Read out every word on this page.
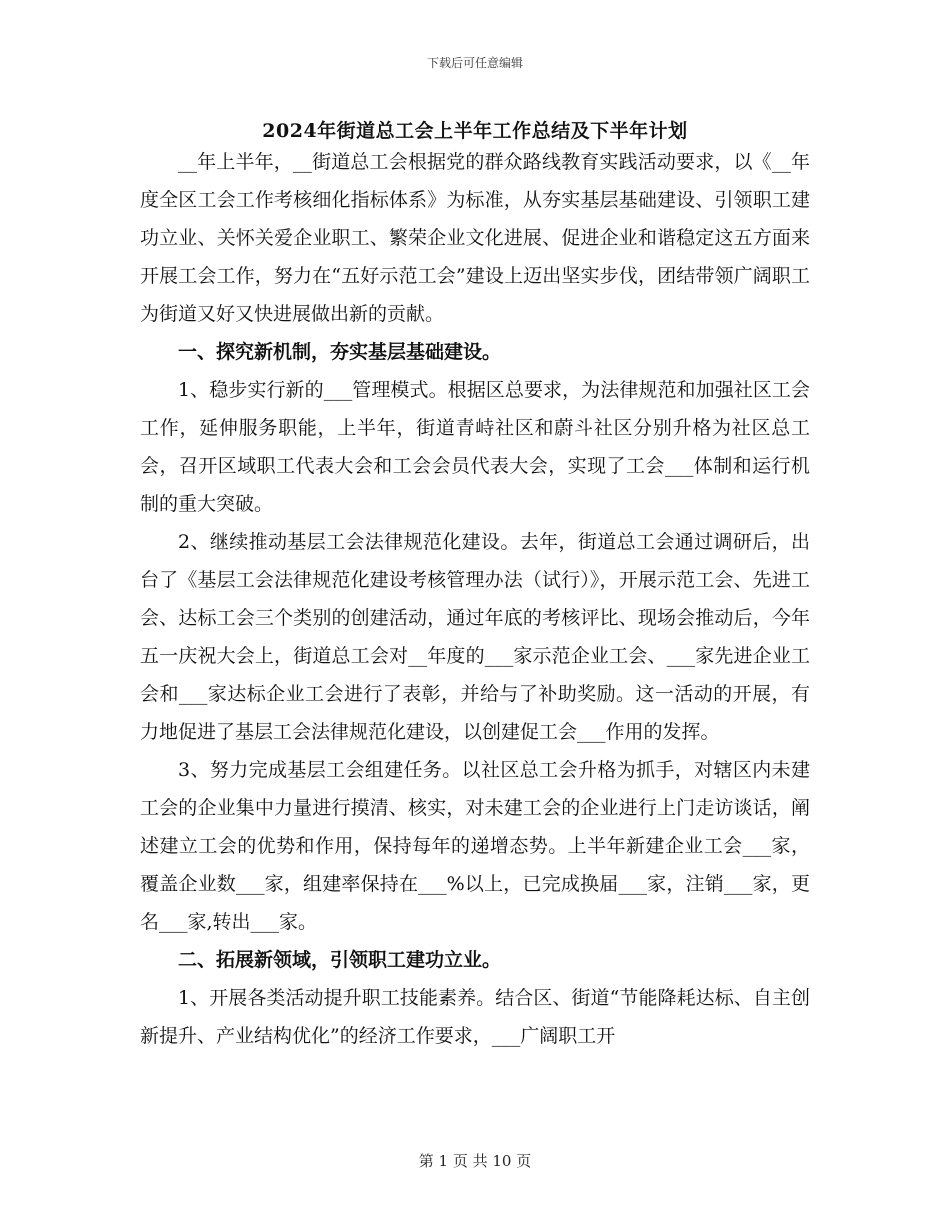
下载后可任意编辑
2024年街道总工会上半年工作总结及下半年计划

__年上半年，__街道总工会根据党的群众路线教育实践活动要求，以《__年度全区工会工作考核细化指标体系》为标准，从夯实基层基础建设、引领职工建功立业、关怀关爱企业职工、繁荣企业文化进展、促进企业和谐稳定这五方面来开展工会工作，努力在“五好示范工会”建设上迈出坚实步伐，团结带领广阔职工为街道又好又快进展做出新的贡献。

一、探究新机制，夯实基层基础建设。

1、稳步实行新的___管理模式。根据区总要求，为法律规范和加强社区工会工作，延伸服务职能，上半年，街道青峙社区和蔚斗社区分别升格为社区总工会，召开区域职工代表大会和工会会员代表大会，实现了工会___体制和运行机制的重大突破。

2、继续推动基层工会法律规范化建设。去年，街道总工会通过调研后，出台了《基层工会法律规范化建设考核管理办法（试行）》，开展示范工会、先进工会、达标工会三个类别的创建活动，通过年底的考核评比、现场会推动后，今年五一庆祝大会上，街道总工会对__年度的___家示范企业工会、___家先进企业工会和___家达标企业工会进行了表彰，并给与了补助奖励。这一活动的开展，有力地促进了基层工会法律规范化建设，以创建促工会___作用的发挥。

3、努力完成基层工会组建任务。以社区总工会升格为抓手，对辖区内未建工会的企业集中力量进行摸清、核实，对未建工会的企业进行上门走访谈话，阐述建立工会的优势和作用，保持每年的递增态势。上半年新建企业工会___家，覆盖企业数___家，组建率保持在___%以上，已完成换届___家，注销___家，更名___家,转出___家。

二、拓展新领域，引领职工建功立业。

1、开展各类活动提升职工技能素养。结合区、街道“节能降耗达标、自主创新提升、产业结构优化”的经济工作要求，___广阔职工开

第 1 页 共 10 页
